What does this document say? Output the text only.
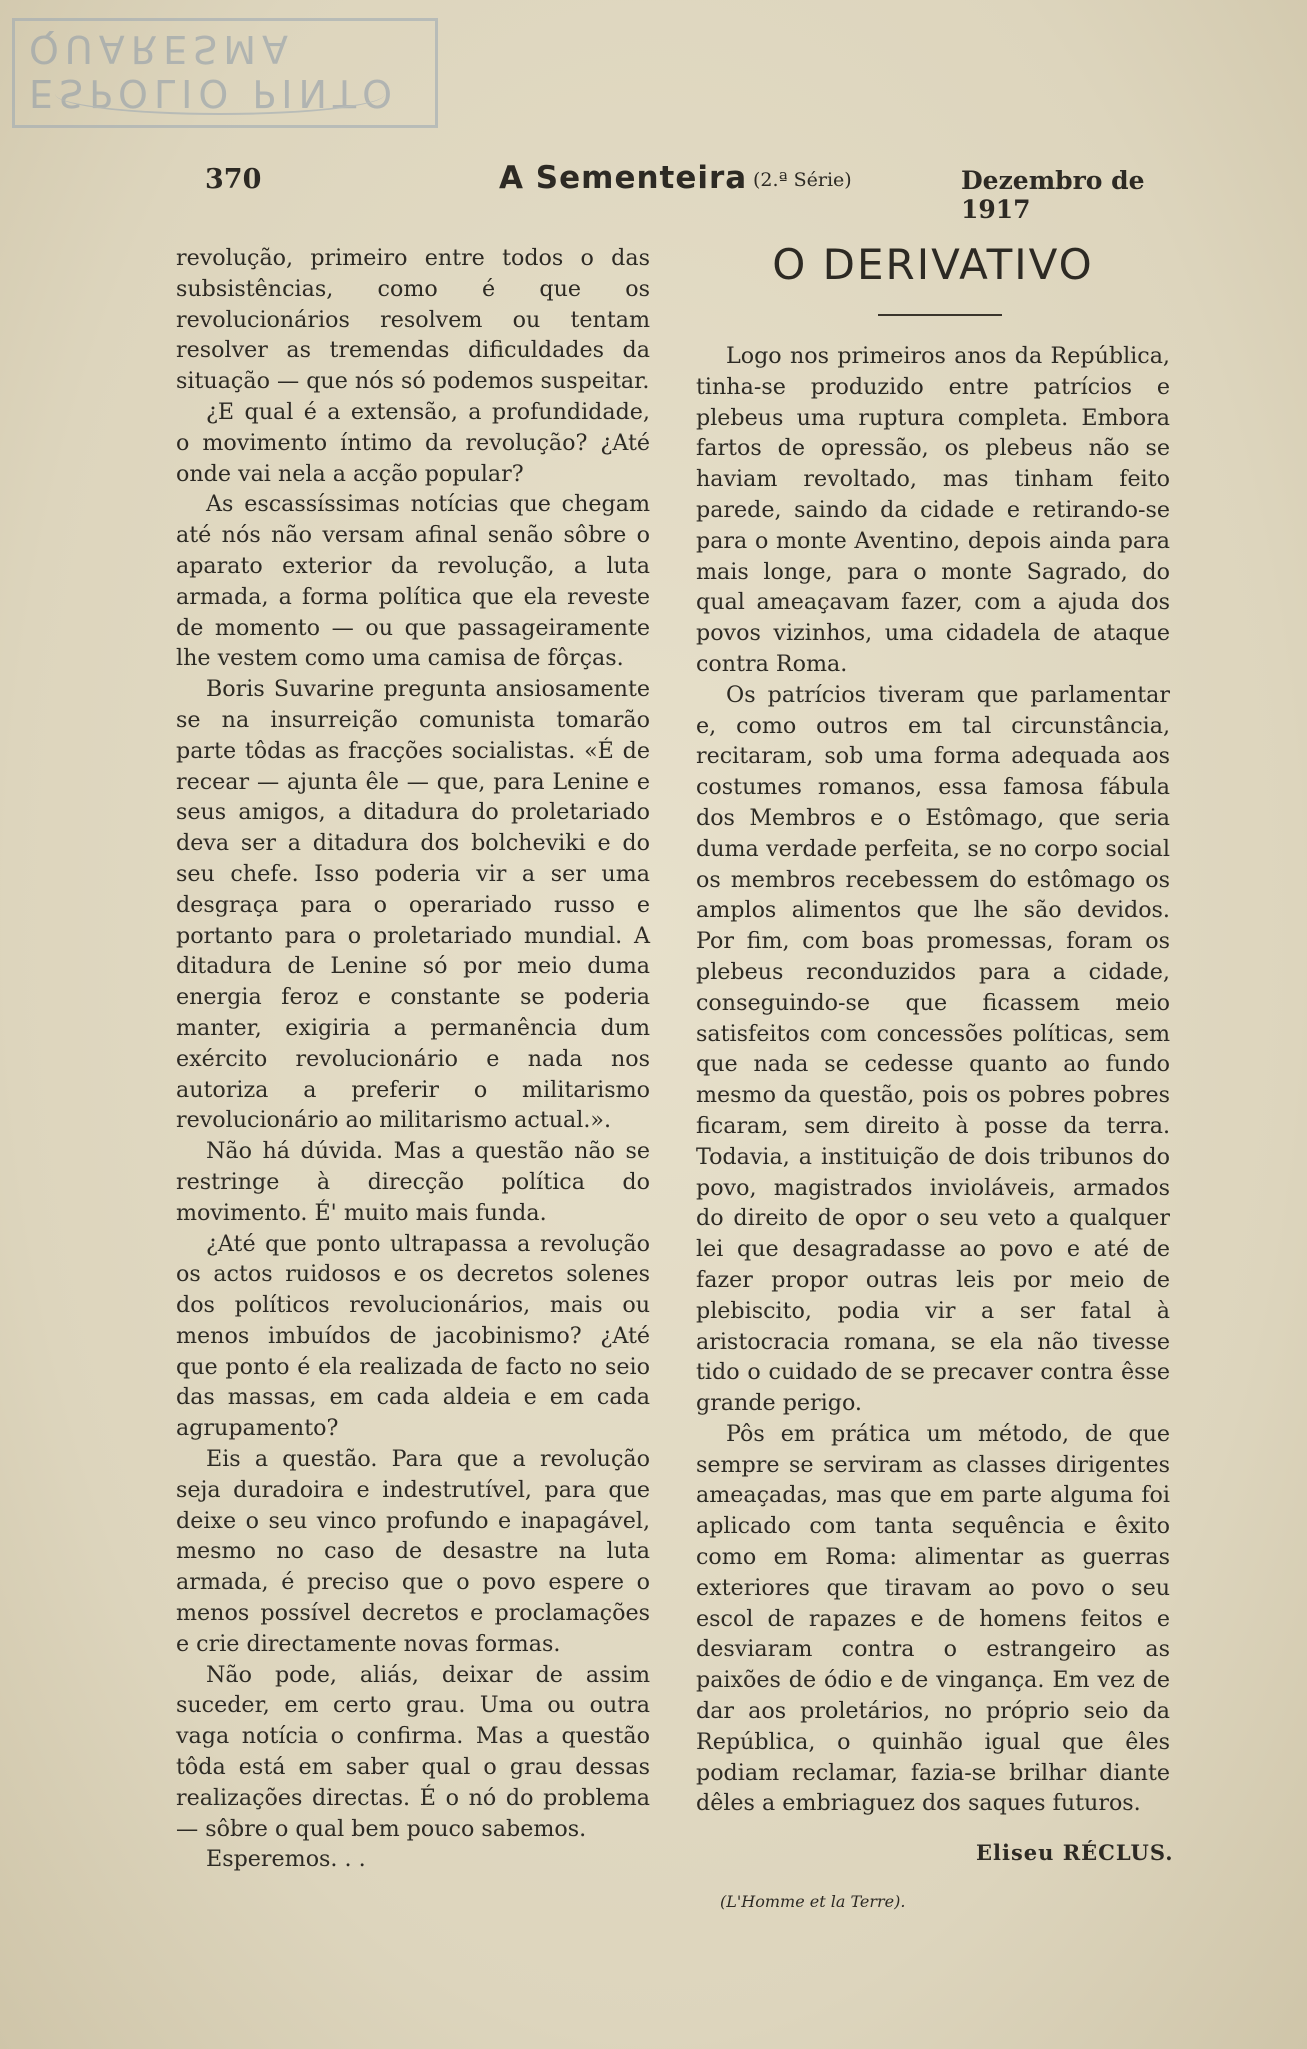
ESPOLIO PINTO QUARESMA
370	A Sementeira (2.ª Série)	Dezembro de 1917

revolução, primeiro entre todos o das subsistências, como é que os revolucionários resolvem ou tentam resolver as tremendas dificuldades da situação — que nós só podemos suspeitar.

¿E qual é a extensão, a profundidade, o movimento íntimo da revolução? ¿Até onde vai nela a acção popular?

As escassíssimas notícias que chegam até nós não versam afinal senão sôbre o aparato exterior da revolução, a luta armada, a forma política que ela reveste de momento — ou que passageiramente lhe vestem como uma camisa de fôrças.

Boris Suvarine pregunta ansiosamente se na insurreição comunista tomarão parte tôdas as fracções socialistas. «É de recear — ajunta êle — que, para Lenine e seus amigos, a ditadura do proletariado deva ser a ditadura dos bolcheviki e do seu chefe. Isso poderia vir a ser uma desgraça para o operariado russo e portanto para o proletariado mundial. A ditadura de Lenine só por meio duma energia feroz e constante se poderia manter, exigiria a permanência dum exército revolucionário e nada nos autoriza a preferir o militarismo revolucionário ao militarismo actual.».

Não há dúvida. Mas a questão não se restringe à direcção política do movimento. É' muito mais funda.

¿Até que ponto ultrapassa a revolução os actos ruidosos e os decretos solenes dos políticos revolucionários, mais ou menos imbuídos de jacobinismo? ¿Até que ponto é ela realizada de facto no seio das massas, em cada aldeia e em cada agrupamento?

Eis a questão. Para que a revolução seja duradoira e indestrutível, para que deixe o seu vinco profundo e inapagável, mesmo no caso de desastre na luta armada, é preciso que o povo espere o menos possível decretos e proclamações e crie directamente novas formas.

Não pode, aliás, deixar de assim suceder, em certo grau. Uma ou outra vaga notícia o confirma. Mas a questão tôda está em saber qual o grau dessas realizações directas. É o nó do problema — sôbre o qual bem pouco sabemos.

Esperemos. . .

O DERIVATIVO

Logo nos primeiros anos da República, tinha-se produzido entre patrícios e plebeus uma ruptura completa. Embora fartos de opressão, os plebeus não se haviam revoltado, mas tinham feito parede, saindo da cidade e retirando-se para o monte Aventino, depois ainda para mais longe, para o monte Sagrado, do qual ameaçavam fazer, com a ajuda dos povos vizinhos, uma cidadela de ataque contra Roma.

Os patrícios tiveram que parlamentar e, como outros em tal circunstância, recitaram, sob uma forma adequada aos costumes romanos, essa famosa fábula dos Membros e o Estômago, que seria duma verdade perfeita, se no corpo social os membros recebessem do estômago os amplos alimentos que lhe são devidos. Por fim, com boas promessas, foram os plebeus reconduzidos para a cidade, conseguindo-se que ficassem meio satisfeitos com concessões políticas, sem que nada se cedesse quanto ao fundo mesmo da questão, pois os pobres pobres ficaram, sem direito à posse da terra. Todavia, a instituição de dois tribunos do povo, magistrados invioláveis, armados do direito de opor o seu veto a qualquer lei que desagradasse ao povo e até de fazer propor outras leis por meio de plebiscito, podia vir a ser fatal à aristocracia romana, se ela não tivesse tido o cuidado de se precaver contra êsse grande perigo.

Pôs em prática um método, de que sempre se serviram as classes dirigentes ameaçadas, mas que em parte alguma foi aplicado com tanta sequência e êxito como em Roma: alimentar as guerras exteriores que tiravam ao povo o seu escol de rapazes e de homens feitos e desviaram contra o estrangeiro as paixões de ódio e de vingança. Em vez de dar aos proletários, no próprio seio da República, o quinhão igual que êles podiam reclamar, fazia-se brilhar diante dêles a embriaguez dos saques futuros.

Eliseu RÉCLUS.
(L'Homme et la Terre).
